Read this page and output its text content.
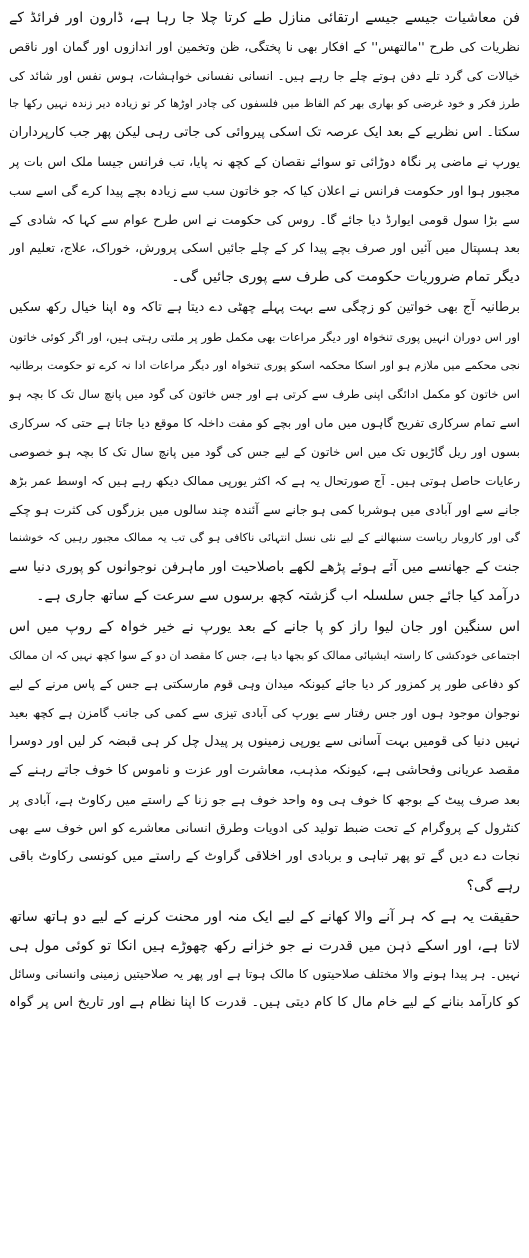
فن معاشیات جیسے جیسے ارتقائی منازل طے کرتا چلا جا رہا ہے، ڈارون اور فرائڈ کے
نظریات کی طرح ''مالتھس'' کے افکار بھی نا پختگی، ظن وتخمین اور اندازوں اور گمان اور ناقص
خیالات کی گرد تلے دفن ہوتے چلے جا رہے ہیں۔ انسانی نفسانی خواہشات، ہوس نفس اور شائد کی
طرز فکر و خود غرضی کو بھاری بھر کم الفاظ میں فلسفوں کی چادر اوڑھا کر تو زیادہ دیر زندہ نہیں رکھا جا
سکتا۔ اس نظریے کے بعد ایک عرصہ تک اسکی پیروائی کی جاتی رہی لیکن پھر جب کارپرداران
یورپ نے ماضی پر نگاہ دوڑائی تو سوائے نقصان کے کچھ نہ پایا، تب فرانس جیسا ملک اس بات پر
مجبور ہوا اور حکومت فرانس نے اعلان کیا کہ جو خاتون سب سے زیادہ بچے پیدا کرے گی اسے سب
سے بڑا سول قومی ایوارڈ دیا جائے گا۔ روس کی حکومت نے اس طرح عوام سے کہا کہ شادی کے
بعد ہسپتال میں آئیں اور صرف بچے پیدا کر کے چلے جائیں اسکی پرورش، خوراک، علاج، تعلیم اور
دیگر تمام ضروریات حکومت کی طرف سے پوری جائیں گی۔
برطانیہ آج بھی خواتین کو زچگی سے بہت پہلے چھٹی دے دیتا ہے تاکہ وہ اپنا خیال رکھ سکیں
اور اس دوران انہیں پوری تنخواہ اور دیگر مراعات بھی مکمل طور پر ملتی رہتی ہیں، اور اگر کوئی خاتون
نجی محکمے میں ملازم ہو اور اسکا محکمہ اسکو پوری تنخواہ اور دیگر مراعات ادا نہ کرے تو حکومت برطانیہ
اس خاتون کو مکمل ادائگی اپنی طرف سے کرتی ہے اور جس خاتون کی گود میں پانچ سال تک کا بچہ ہو
اسے تمام سرکاری تفریح گاہوں میں ماں اور بچے کو مفت داخلہ کا موقع دیا جاتا ہے حتی کہ سرکاری
بسوں اور ریل گاڑیوں تک میں اس خاتون کے لیے جس کی گود میں پانچ سال تک کا بچہ ہو خصوصی
رعایات حاصل ہوتی ہیں۔ آج صورتحال یہ ہے کہ اکثر یورپی ممالک دیکھ رہے ہیں کہ اوسط عمر بڑھ
جانے سے اور آبادی میں ہوشربا کمی ہو جانے سے آئندہ چند سالوں میں بزرگوں کی کثرت ہو چکے
گی اور کاروبار ریاست سنبھالنے کے لیے نئی نسل انتہائی ناکافی ہو گی تب یہ ممالک مجبور رہیں کہ خوشنما
جنت کے جھانسے میں آئے ہوئے پڑھے لکھے باصلاحیت اور ماہرفن نوجوانوں کو پوری دنیا سے
درآمد کیا جائے جس سلسلہ اب گزشتہ کچھ برسوں سے سرعت کے ساتھ جاری ہے۔
اس سنگین اور جان لیوا راز کو پا جانے کے بعد یورپ نے خیر خواہ کے روپ میں اس
اجتماعی خودکشی کا راستہ ایشیائی ممالک کو بجھا دیا ہے، جس کا مقصد ان دو کے سوا کچھ نہیں کہ ان ممالک
کو دفاعی طور پر کمزور کر دیا جائے کیونکہ میدان وہی قوم مارسکتی ہے جس کے پاس مرنے کے لیے
نوجوان موجود ہوں اور جس رفتار سے یورپ کی آبادی تیزی سے کمی کی جانب گامزن ہے کچھ بعید
نہیں دنیا کی قومیں بہت آسانی سے یورپی زمینوں پر پیدل چل کر ہی قبضہ کر لیں اور دوسرا
مقصد عریانی وفحاشی ہے، کیونکہ مذہب، معاشرت اور عزت و ناموس کا خوف جاتے رہنے کے
بعد صرف پیٹ کے بوجھ کا خوف ہی وہ واحد خوف ہے جو زنا کے راستے میں رکاوٹ ہے، آبادی پر
کنٹرول کے پروگرام کے تحت ضبط تولید کی ادویات وطرق انسانی معاشرے کو اس خوف سے بھی
نجات دے دیں گے تو پھر تباہی و بربادی اور اخلاقی گراوٹ کے راستے میں کونسی رکاوٹ باقی
رہے گی؟
حقیقت یہ ہے کہ ہر آنے والا کھانے کے لیے ایک منہ اور محنت کرنے کے لیے دو ہاتھ ساتھ
لاتا ہے، اور اسکے ذہن میں قدرت نے جو خزانے رکھ چھوڑے ہیں انکا تو کوئی مول ہی
نہیں۔ ہر پیدا ہونے والا مختلف صلاحیتوں کا مالک ہوتا ہے اور پھر یہ صلاحیتیں زمینی وانسانی وسائل
کو کارآمد بنانے کے لیے خام مال کا کام دیتی ہیں۔ قدرت کا اپنا نظام ہے اور تاریخ اس پر گواہ
